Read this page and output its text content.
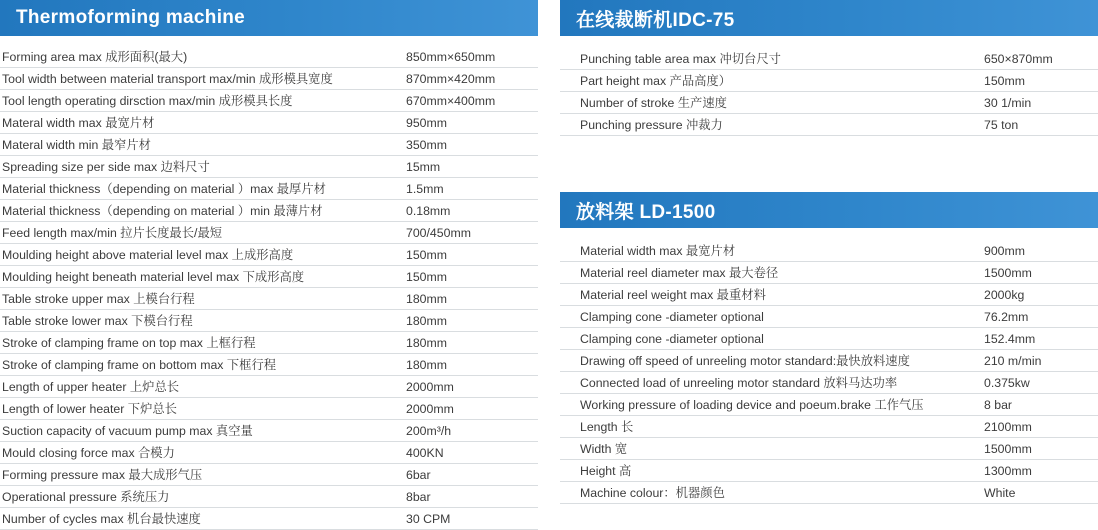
Thermoforming machine
Forming area max 成形面积(最大)	850mm×650mm
Tool width between material transport max/min 成形模具宽度	870mm×420mm
Tool length operating dirsction max/min 成形模具长度	670mm×400mm
Materal width max 最宽片材	950mm
Materal width min 最窄片材	350mm
Spreading size per side max 边料尺寸	15mm
Material thickness（depending on material ）max 最厚片材	1.5mm
Material thickness（depending on material ）min 最薄片材	0.18mm
Feed length max/min 拉片长度最长/最短	700/450mm
Moulding height above material level max 上成形高度	150mm
Moulding height beneath material level max 下成形高度	150mm
Table stroke upper max 上模台行程	180mm
Table stroke lower max 下模台行程	180mm
Stroke of clamping frame on top max 上框行程	180mm
Stroke of clamping frame on bottom max 下框行程	180mm
Length of upper heater 上炉总长	2000mm
Length of lower heater 下炉总长	2000mm
Suction capacity of vacuum pump max 真空量	200m³/h
Mould closing force max 合模力	400KN
Forming pressure max 最大成形气压	6bar
Operational pressure 系统压力	8bar
Number of cycles max 机台最快速度	30 CPM
在线裁断机IDC-75
Punching table area max 冲切台尺寸	650×870mm
Part height max 产品高度）	150mm
Number of stroke 生产速度	30 1/min
Punching pressure 冲裁力	75 ton
放料架 LD-1500
Material width max 最宽片材	900mm
Material reel diameter max 最大卷径	1500mm
Material reel weight max 最重材料	2000kg
Clamping cone -diameter optional	76.2mm
Clamping cone -diameter optional	152.4mm
Drawing off speed of unreeling motor standard:最快放料速度	210 m/min
Connected load of unreeling motor standard 放料马达功率	0.375kw
Working pressure of loading device and poeum.brake 工作气压	8 bar
Length 长	2100mm
Width 宽	1500mm
Height 高	1300mm
Machine colour：机器颜色	White
